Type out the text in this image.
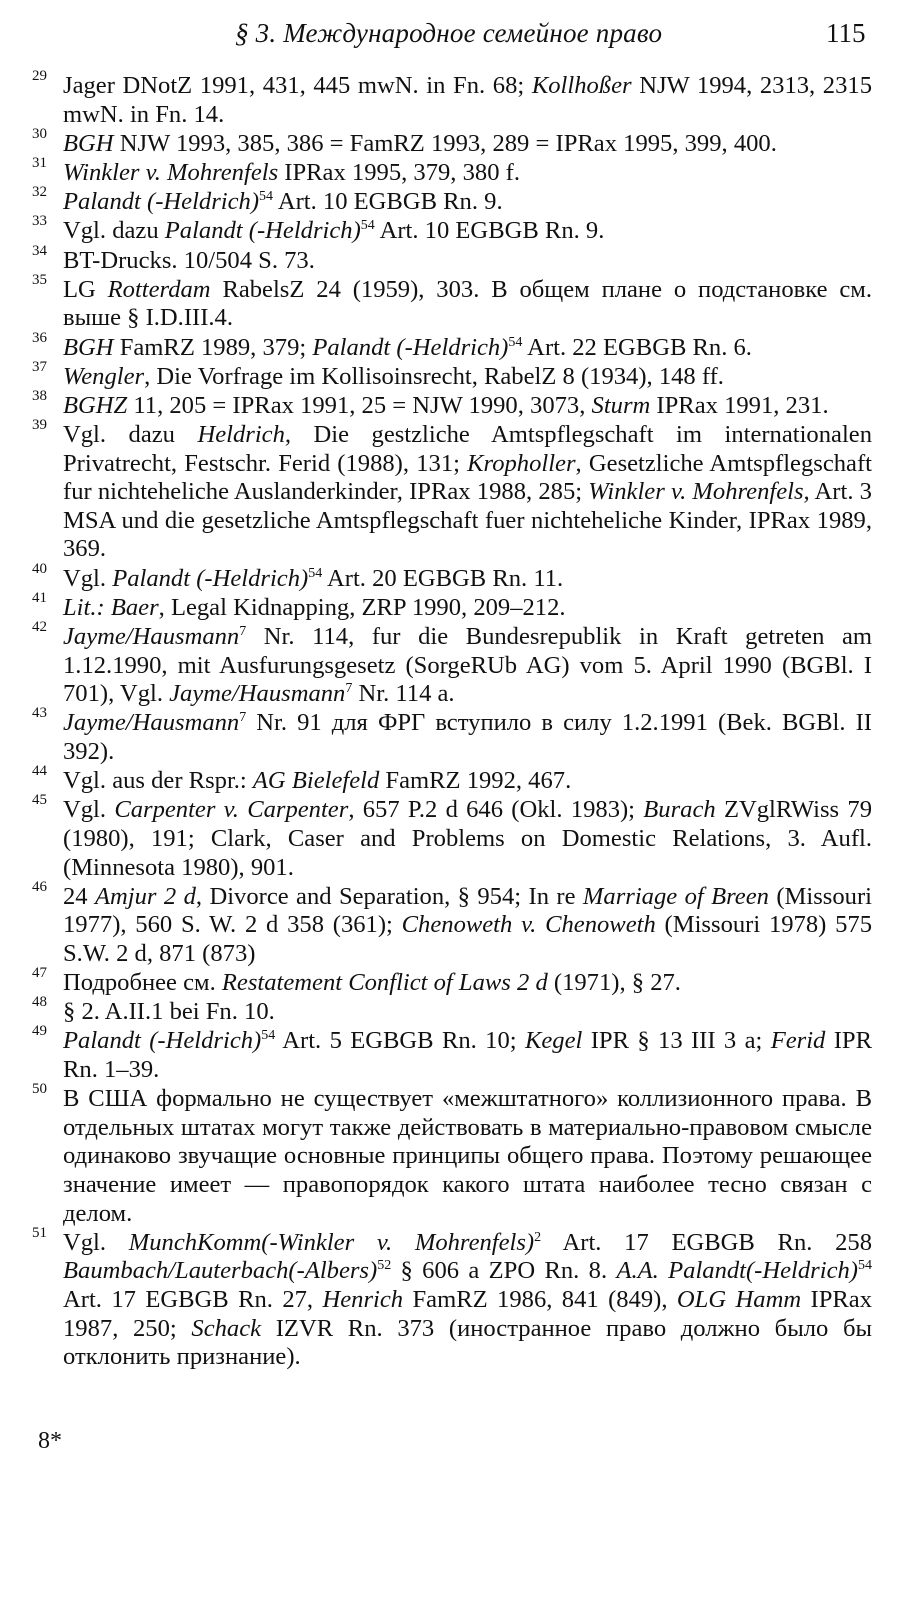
§ 3. Международное семейное право	115
29 Jager DNotZ 1991, 431, 445 mwN. in Fn. 68; Kollhoßer NJW 1994, 2313, 2315 mwN. in Fn. 14.
30 BGH NJW 1993, 385, 386 = FamRZ 1993, 289 = IPRax 1995, 399, 400.
31 Winkler v. Mohrenfels IPRax 1995, 379, 380 f.
32 Palandt (-Heldrich)$^{54}$ Art. 10 EGBGB Rn. 9.
33 Vgl. dazu Palandt (-Heldrich)$^{54}$ Art. 10 EGBGB Rn. 9.
34 BT-Drucks. 10/504 S. 73.
35 LG Rotterdam RabelsZ 24 (1959), 303. В общем плане о подстановке см. выше § I.D.III.4.
36 BGH FamRZ 1989, 379; Palandt (-Heldrich)$^{54}$ Art. 22 EGBGB Rn. 6.
37 Wengler, Die Vorfrage im Kollisoinsrecht, RabelZ 8 (1934), 148 ff.
38 BGHZ 11, 205 = IPRax 1991, 25 = NJW 1990, 3073, Sturm IPRax 1991, 231.
39 Vgl. dazu Heldrich, Die gestzliche Amtspflegschaft im internationalen Privatrecht, Festschr. Ferid (1988), 131; Kropholler, Gesetzliche Amtspflegschaft fur nichteheliche Auslanderkinder, IPRax 1988, 285; Winkler v. Mohrenfels, Art. 3 MSA und die gesetzliche Amtspflegschaft fuer nichteheliche Kinder, IPRax 1989, 369.
40 Vgl. Palandt (-Heldrich)$^{54}$ Art. 20 EGBGB Rn. 11.
41 Lit.: Baer, Legal Kidnapping, ZRP 1990, 209–212.
42 Jayme/Hausmann$^7$ Nr. 114, fur die Bundesrepublik in Kraft getreten am 1.12.1990, mit Ausfurungsgesetz (SorgeRUb AG) vom 5. April 1990 (BGBl. I 701), Vgl. Jayme/Hausmann$^7$ Nr. 114 a.
43 Jayme/Hausmann$^7$ Nr. 91 для ФРГ вступило в силу 1.2.1991 (Bek. BGBl. II 392).
44 Vgl. aus der Rspr.: AG Bielefeld FamRZ 1992, 467.
45 Vgl. Carpenter v. Carpenter, 657 P.2 d 646 (Okl. 1983); Burach ZVglRWiss 79 (1980), 191; Clark, Caser and Problems on Domestic Relations, 3. Aufl. (Minnesota 1980), 901.
46 24 Amjur 2 d, Divorce and Separation, § 954; In re Marriage of Breen (Missouri 1977), 560 S. W. 2 d 358 (361); Chenoweth v. Chenoweth (Missouri 1978) 575 S.W. 2 d, 871 (873)
47 Подробнее см. Restatement Conflict of Laws 2 d (1971), § 27.
48 § 2. A.II.1 bei Fn. 10.
49 Palandt (-Heldrich)$^{54}$ Art. 5 EGBGB Rn. 10; Kegel IPR § 13 III 3 a; Ferid IPR Rn. 1–39.
50 В США формально не существует «межштатного» коллизионного права. В отдельных штатах могут также действовать в материально-правовом смысле одинаково звучащие основные принципы общего права. Поэтому решающее значение имеет — правопорядок какого штата наиболее тесно связан с делом.
51 Vgl. MunchKomm(-Winkler v. Mohrenfels)$^2$ Art. 17 EGBGB Rn. 258 Baumbach/Lauterbach(-Albers)$^{52}$ § 606 a ZPO Rn. 8. A.A. Palandt(-Heldrich)$^{54}$ Art. 17 EGBGB Rn. 27, Henrich FamRZ 1986, 841 (849), OLG Hamm IPRax 1987, 250; Schack IZVR Rn. 373 (иностранное право должно было бы отклонить признание).
8*
